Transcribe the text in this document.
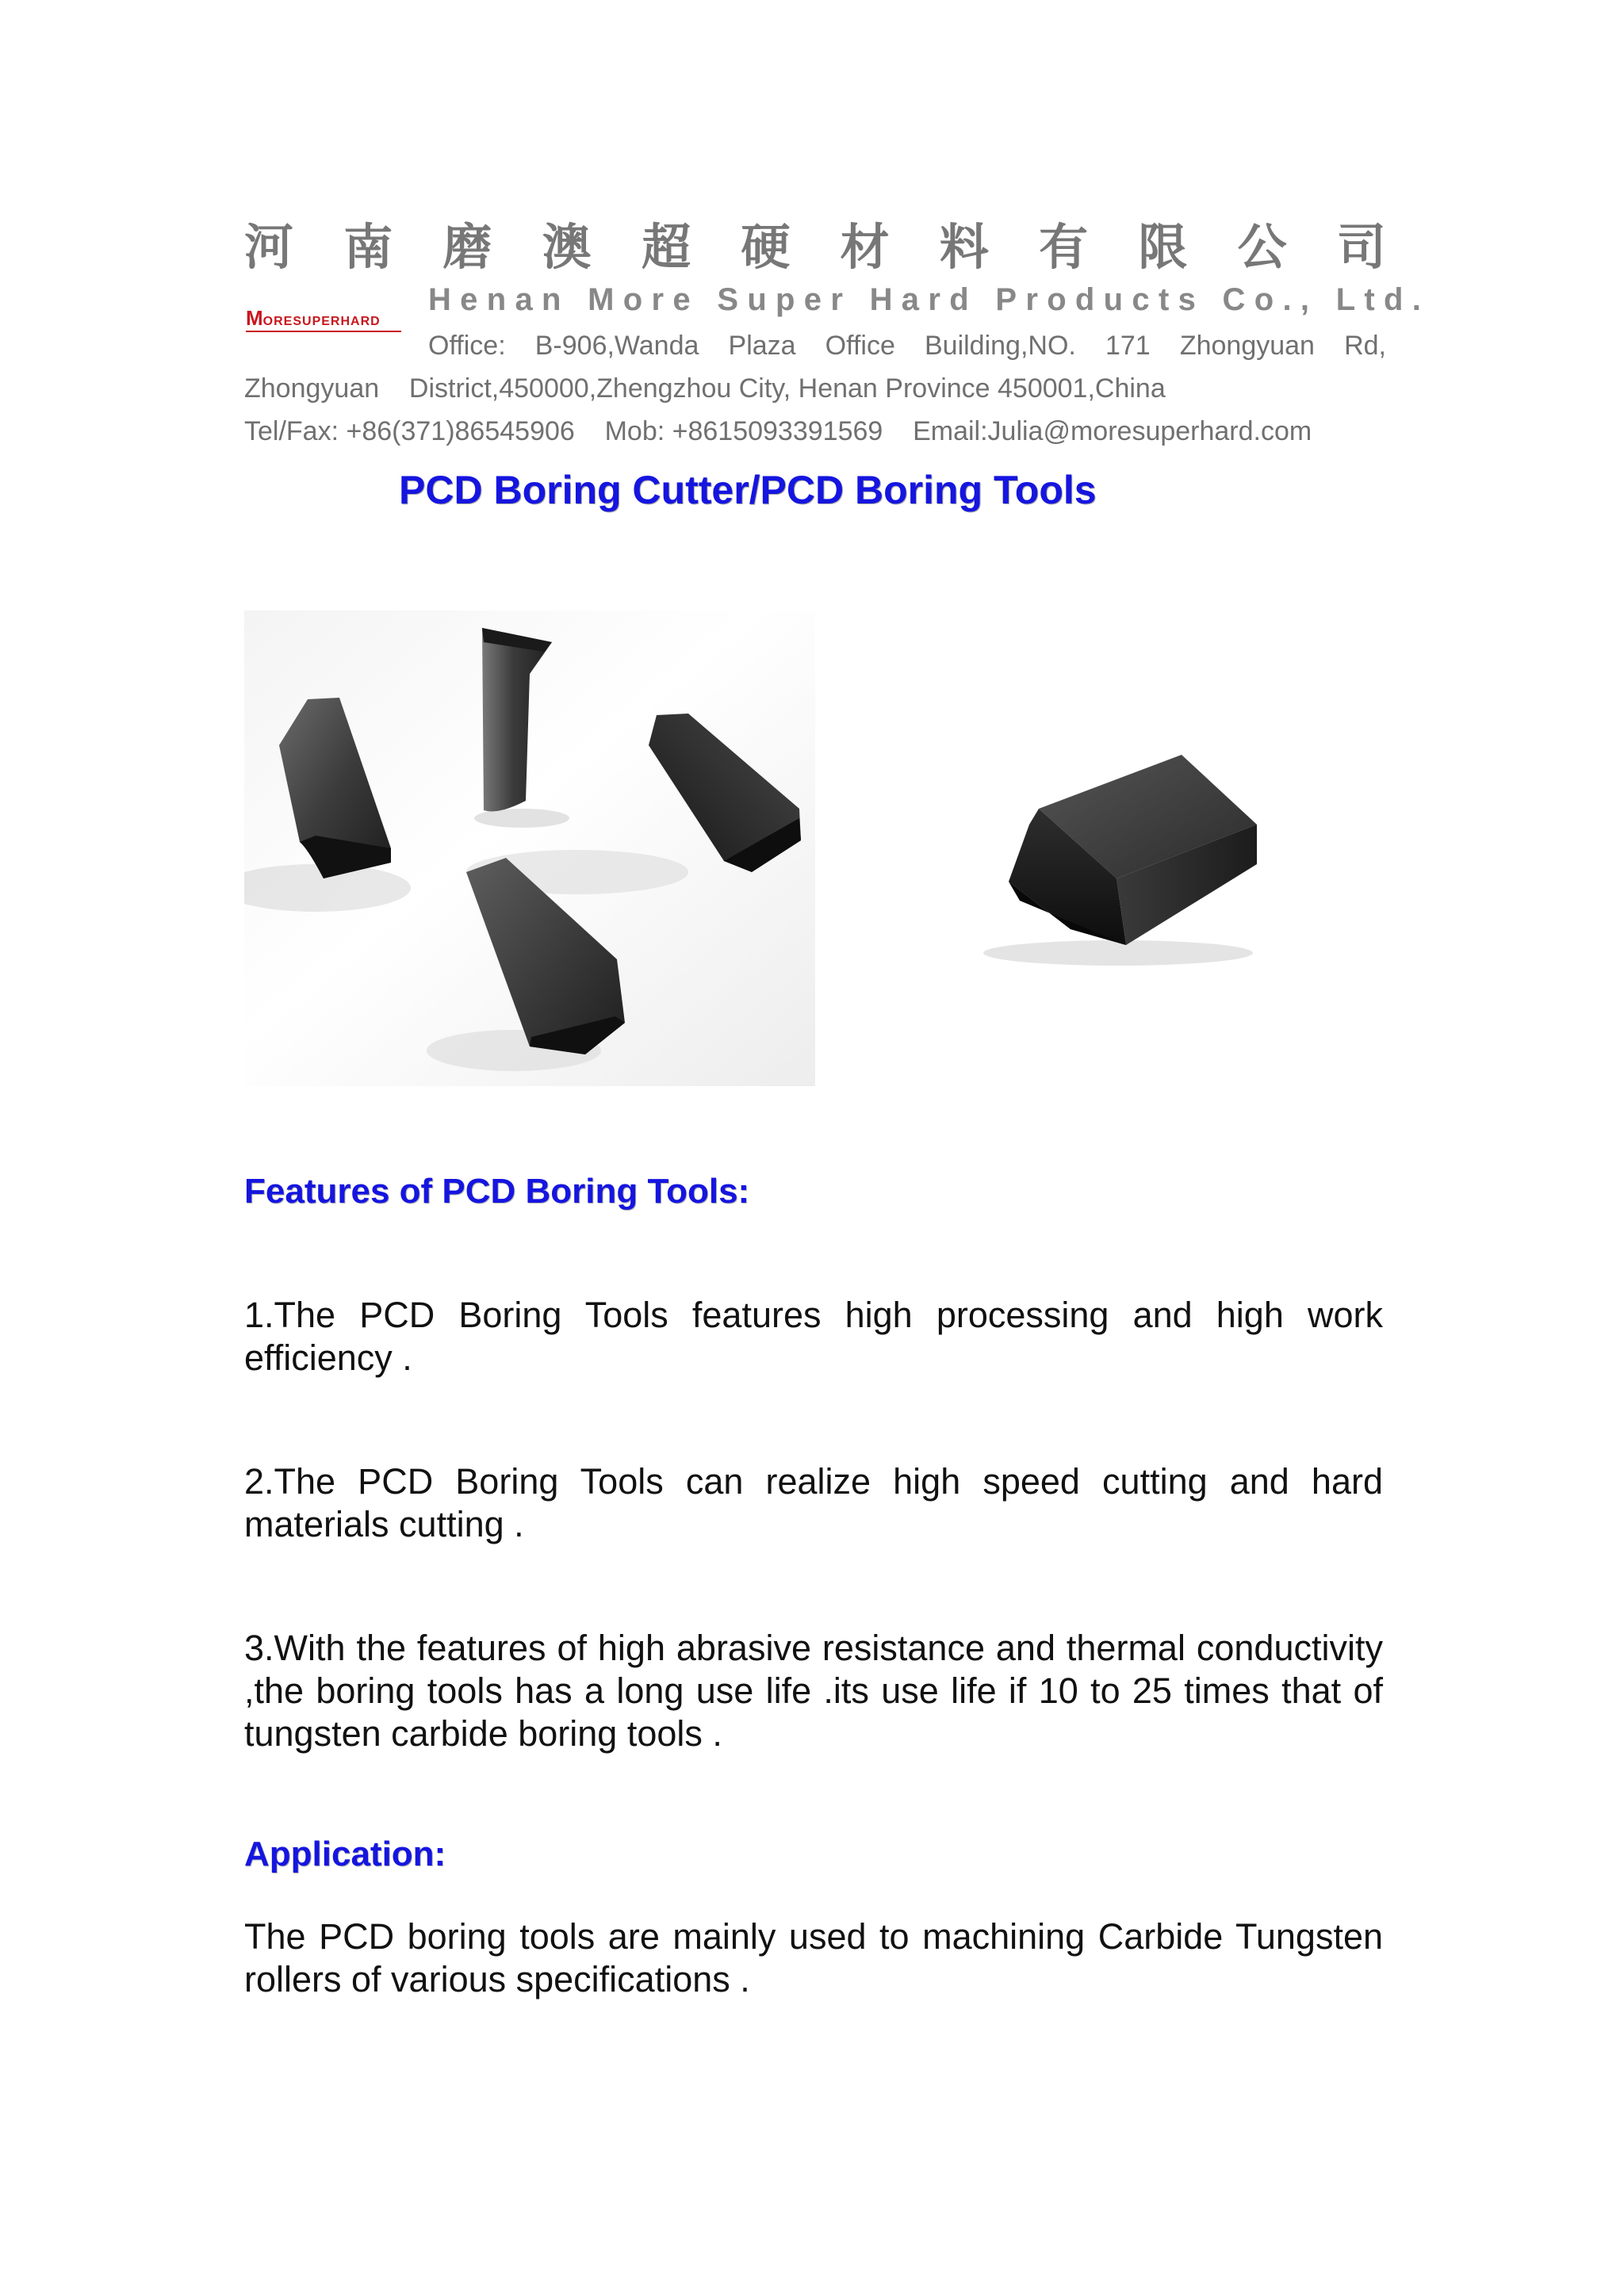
河 南 磨 澳 超 硬 材 料 有 限 公 司
MORESUPERHARD
Henan More Super Hard Products Co., Ltd.
Office: B-906,Wanda Plaza Office Building,NO. 171 Zhongyuan Rd,
Zhongyuan    District,450000,Zhengzhou City, Henan Province 450001,China
Tel/Fax: +86(371)86545906    Mob: +8615093391569    Email:Julia@moresuperhard.com
PCD Boring Cutter/PCD Boring Tools
Features of PCD Boring Tools:
1.The PCD Boring Tools features high processing and high work efficiency .
2.The PCD Boring Tools can realize high speed cutting and hard materials cutting .
3.With the features of high abrasive resistance and thermal conductivity ,the boring tools has a long use life .its use life if 10 to 25 times that of tungsten carbide boring tools .
Application:
The PCD boring tools are mainly used to machining Carbide Tungsten rollers of various specifications .
